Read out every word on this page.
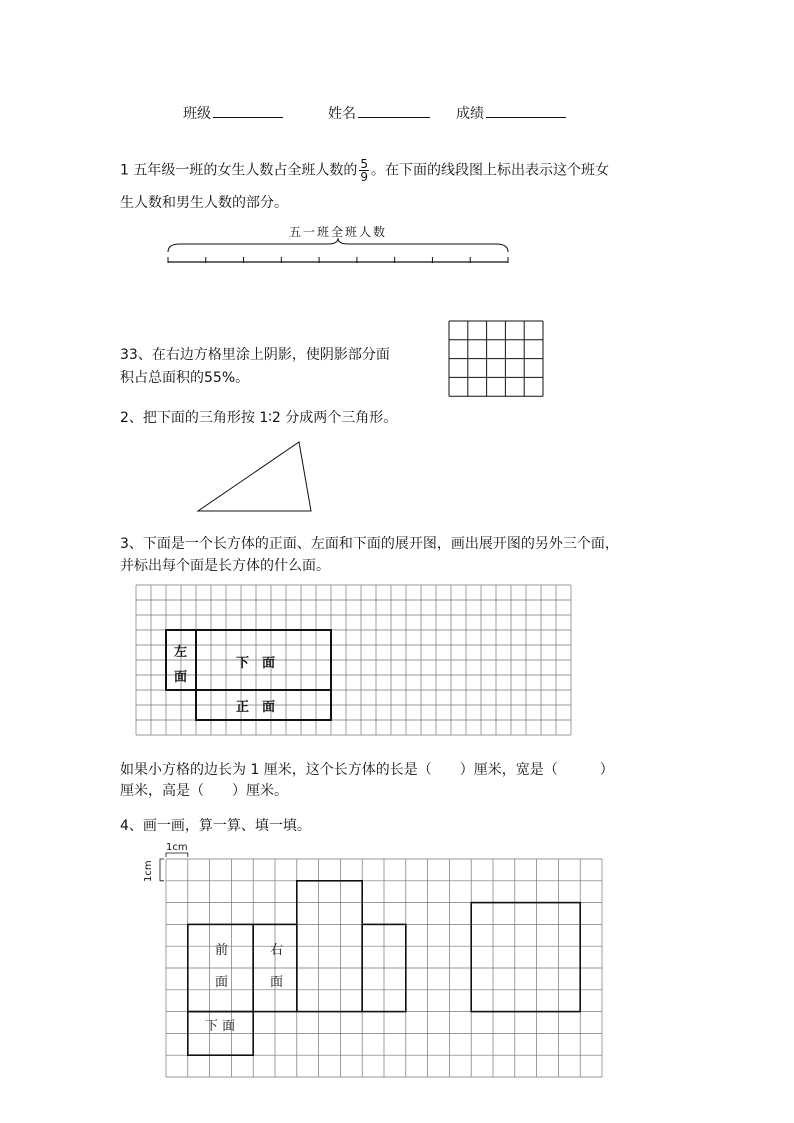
班级	姓名	成绩
1 五年级一班的女生人数占全班人数的 $\frac{5}{9}$ 。在下面的线段图上标出表示这个班女
生人数和男生人数的部分。
五一班全班人数
33、在右边方格里涂上阴影，使阴影部分面
积占总面积的55%。
2、把下面的三角形按 1∶2 分成两个三角形。
3、下面是一个长方体的正面、左面和下面的展开图，画出展开图的另外三个面，
并标出每个面是长方体的什么面。
左
面
下　面
正　面
如果小方格的边长为 1 厘米，这个长方体的长是（　　）厘米，宽是（　　　）
厘米，高是（　　）厘米。
4、画一画，算一算、填一填。
1cm
1cm
前
面
右
面
下 面
